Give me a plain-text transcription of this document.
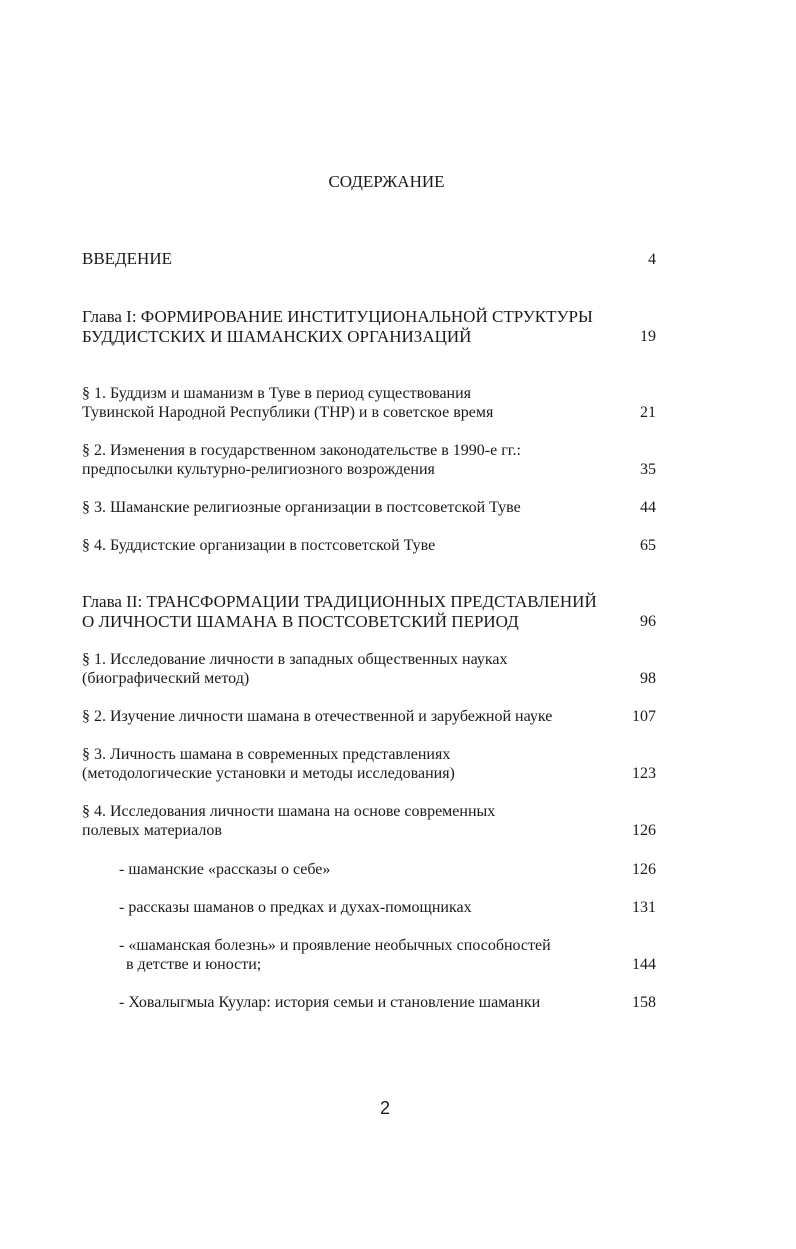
СОДЕРЖАНИЕ
ВВЕДЕНИЕ	4
Глава I: ФОРМИРОВАНИЕ ИНСТИТУЦИОНАЛЬНОЙ СТРУКТУРЫ
БУДДИСТСКИХ И ШАМАНСКИХ ОРГАНИЗАЦИЙ	19
§ 1. Буддизм и шаманизм в Туве в период существования
Тувинской Народной Республики (ТНР) и в советское время	21
§ 2. Изменения в государственном законодательстве в 1990-е гг.:
предпосылки культурно-религиозного возрождения	35
§ 3. Шаманские религиозные организации в постсоветской Туве	44
§ 4. Буддистские организации в постсоветской Туве	65
Глава II: ТРАНСФОРМАЦИИ ТРАДИЦИОННЫХ ПРЕДСТАВЛЕНИЙ
О ЛИЧНОСТИ ШАМАНА В ПОСТСОВЕТСКИЙ ПЕРИОД	96
§ 1. Исследование личности в западных общественных науках
(биографический метод)	98
§ 2. Изучение личности шамана в отечественной и зарубежной науке	107
§ 3. Личность шамана в современных представлениях
(методологические установки и методы исследования)	123
§ 4. Исследования личности шамана на основе современных
полевых материалов	126
- шаманские «рассказы о себе»	126
- рассказы шаманов о предках и духах-помощниках	131
- «шаманская болезнь» и проявление необычных способностей
в детстве и юности;	144
- Ховалыгмыа Куулар: история семьи и становление шаманки	158
2
